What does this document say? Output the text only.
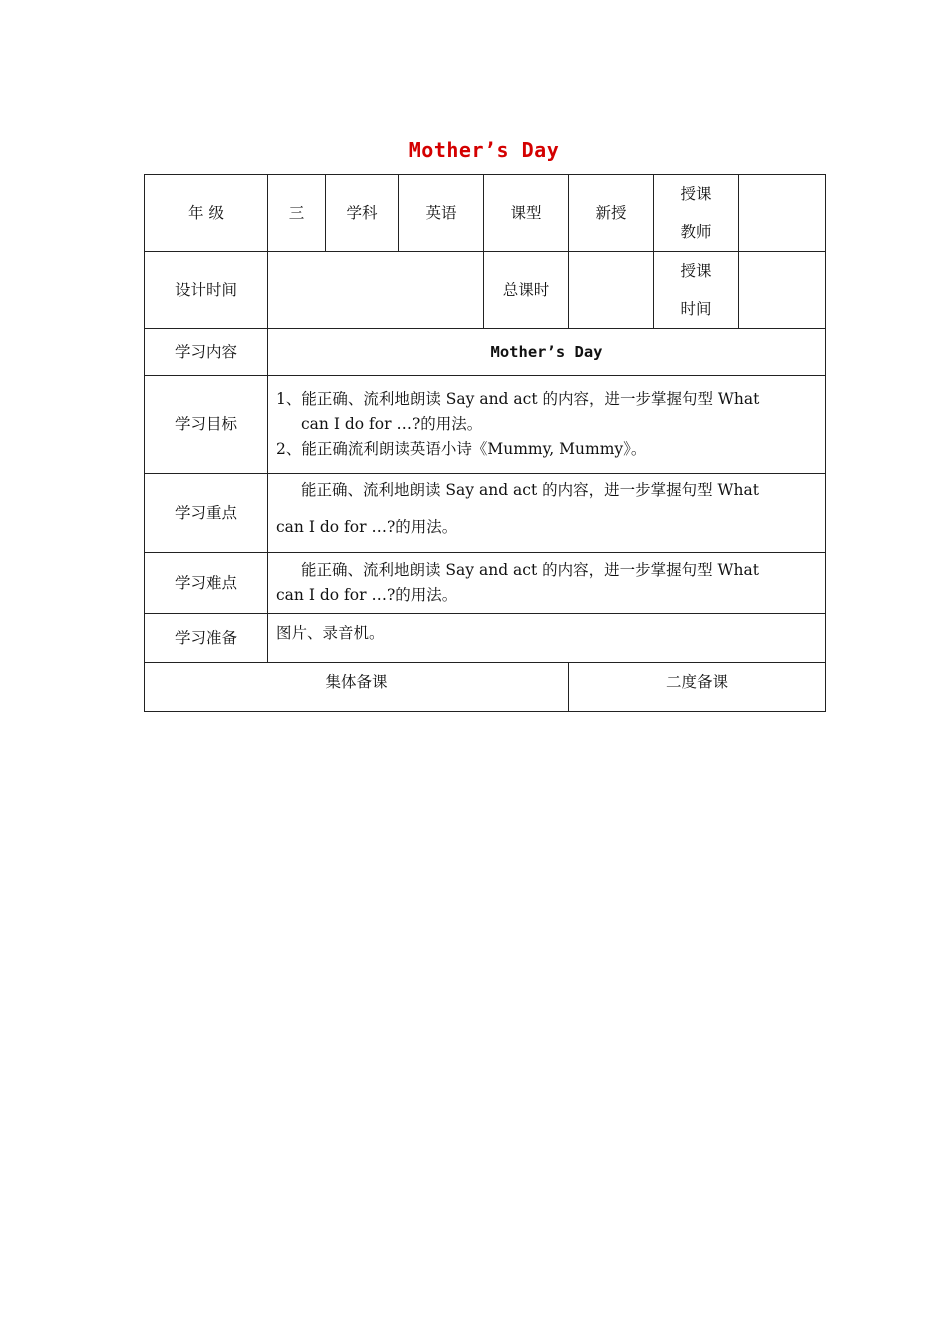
Mother’s Day
年 级	三	学科	英语	课型	新授	授课
教师	

设计时间				总课时		授课
时间	

学习内容	Mother’s Day						
学习目标	1、能正确、流利地朗读 Say and act 的内容，进一步掌握句型 What
can I do for …?的用法。
2、能正确流利朗读英语小诗《Mummy, Mummy》。						

学习重点	能正确、流利地朗读 Say and act 的内容，进一步掌握句型 What
can I do for …?的用法。						

学习难点	能正确、流利地朗读 Say and act 的内容，进一步掌握句型 What
can I do for …?的用法。						

学习准备	图片、录音机。						

集体备课					二度备课		
